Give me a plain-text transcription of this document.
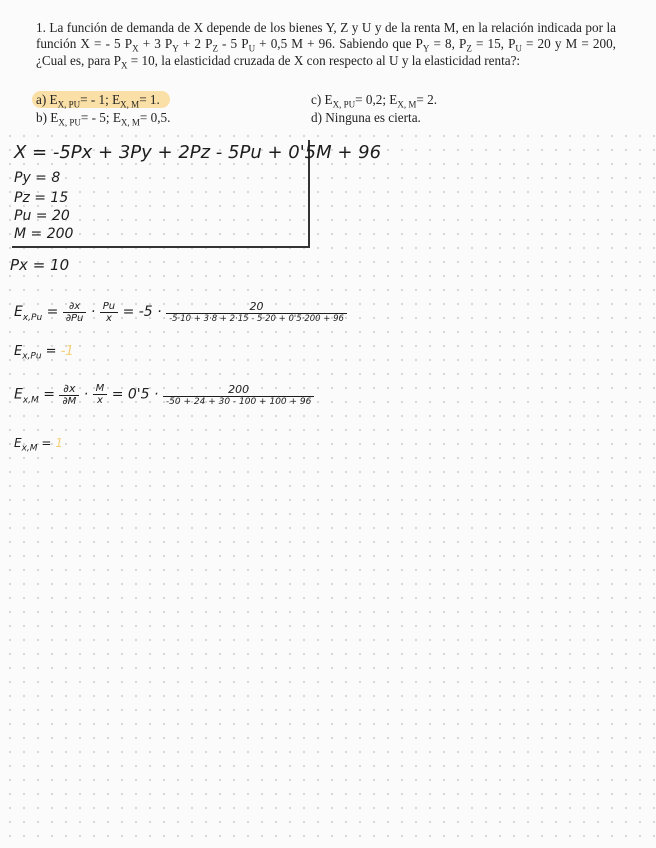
1. La función de demanda de X depende de los bienes Y, Z y U y de la renta M, en la relación indicada por la función X = - 5 $P_X + 3$ $P_Y + 2$ $P_Z - 5$ $P_U + 0,5$ M + 96. Sabiendo que $P_Y = 8$, $P_Z = 15$, $P_U = 20$ y M = 200, ¿Cual es, para $P_X = 10$, la elasticidad cruzada de X con respecto al U y la elasticidad renta?:
a) $E_{X, PU}= - 1$; $E_{X, M}= 1$.
b) $E_{X, PU}= - 5$; $E_{X, M}= 0,5$.
c) $E_{X, PU}= 0,2$; $E_{X, M}= 2$.
d) Ninguna es cierta.
X = -5Px + 3Py + 2Pz - 5Pu + 0'5M + 96
Py = 8
Pz = 15
Pu = 20
M = 200
Px = 10
$E_{x,Pu} = \frac{\partial x}{\partial Pu} \cdot \frac{Pu}{x} = -5 \cdot \frac{20}{-5\cdot 10 + 3\cdot 8 + 2\cdot 15 - 5\cdot 20 + 0'5\cdot 200 + 96}$
$E_{x,Pu} = -1$
$E_{x,M} = \frac{\partial x}{\partial M} \cdot \frac{M}{x} = 0'5 \cdot \frac{200}{-50 + 24 + 30 - 100 + 100 + 96}$
$E_{x,M} = 1$
